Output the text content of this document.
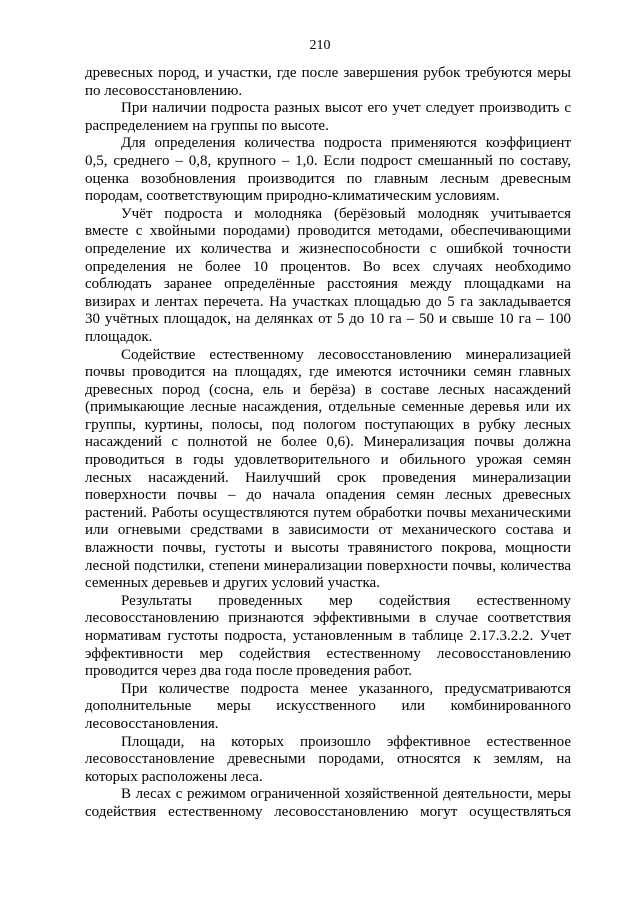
210

древесных пород, и участки, где после завершения рубок требуются меры
по лесовосстановлению.

При наличии подроста разных высот его учет следует производить с
распределением на группы по высоте.

Для определения количества подроста применяются коэффициент
0,5, среднего – 0,8, крупного – 1,0. Если подрост смешанный по составу,
оценка возобновления производится по главным лесным древесным
породам, соответствующим природно-климатическим условиям.

Учёт подроста и молодняка (берёзовый молодняк учитывается
вместе с хвойными породами) проводится методами, обеспечивающими
определение их количества и жизнеспособности с ошибкой точности
определения не более 10 процентов. Во всех случаях необходимо
соблюдать заранее определённые расстояния между площадками на
визирах и лентах перечета. На участках площадью до 5 га закладывается
30 учётных площадок, на делянках от 5 до 10 га – 50 и свыше 10 га – 100
площадок.

Содействие естественному лесовосстановлению минерализацией
почвы проводится на площадях, где имеются источники семян главных
древесных пород (сосна, ель и берёза) в составе лесных насаждений
(примыкающие лесные насаждения, отдельные семенные деревья или их
группы, куртины, полосы, под пологом поступающих в рубку лесных
насаждений с полнотой не более 0,6). Минерализация почвы должна
проводиться в годы удовлетворительного и обильного урожая семян
лесных насаждений. Наилучший срок проведения минерализации
поверхности почвы – до начала опадения семян лесных древесных
растений. Работы осуществляются путем обработки почвы механическими
или огневыми средствами в зависимости от механического состава и
влажности почвы, густоты и высоты травянистого покрова, мощности
лесной подстилки, степени минерализации поверхности почвы, количества
семенных деревьев и других условий участка.

Результаты проведенных мер содействия естественному
лесовосстановлению признаются эффективными в случае соответствия
нормативам густоты подроста, установленным в таблице 2.17.3.2.2. Учет
эффективности мер содействия естественному лесовосстановлению
проводится через два года после проведения работ.

При количестве подроста менее указанного, предусматриваются
дополнительные меры искусственного или комбинированного
лесовосстановления.

Площади, на которых произошло эффективное естественное
лесовосстановление древесными породами, относятся к землям, на
которых расположены леса.

В лесах с режимом ограниченной хозяйственной деятельности, меры
содействия естественному лесовосстановлению могут осуществляться
